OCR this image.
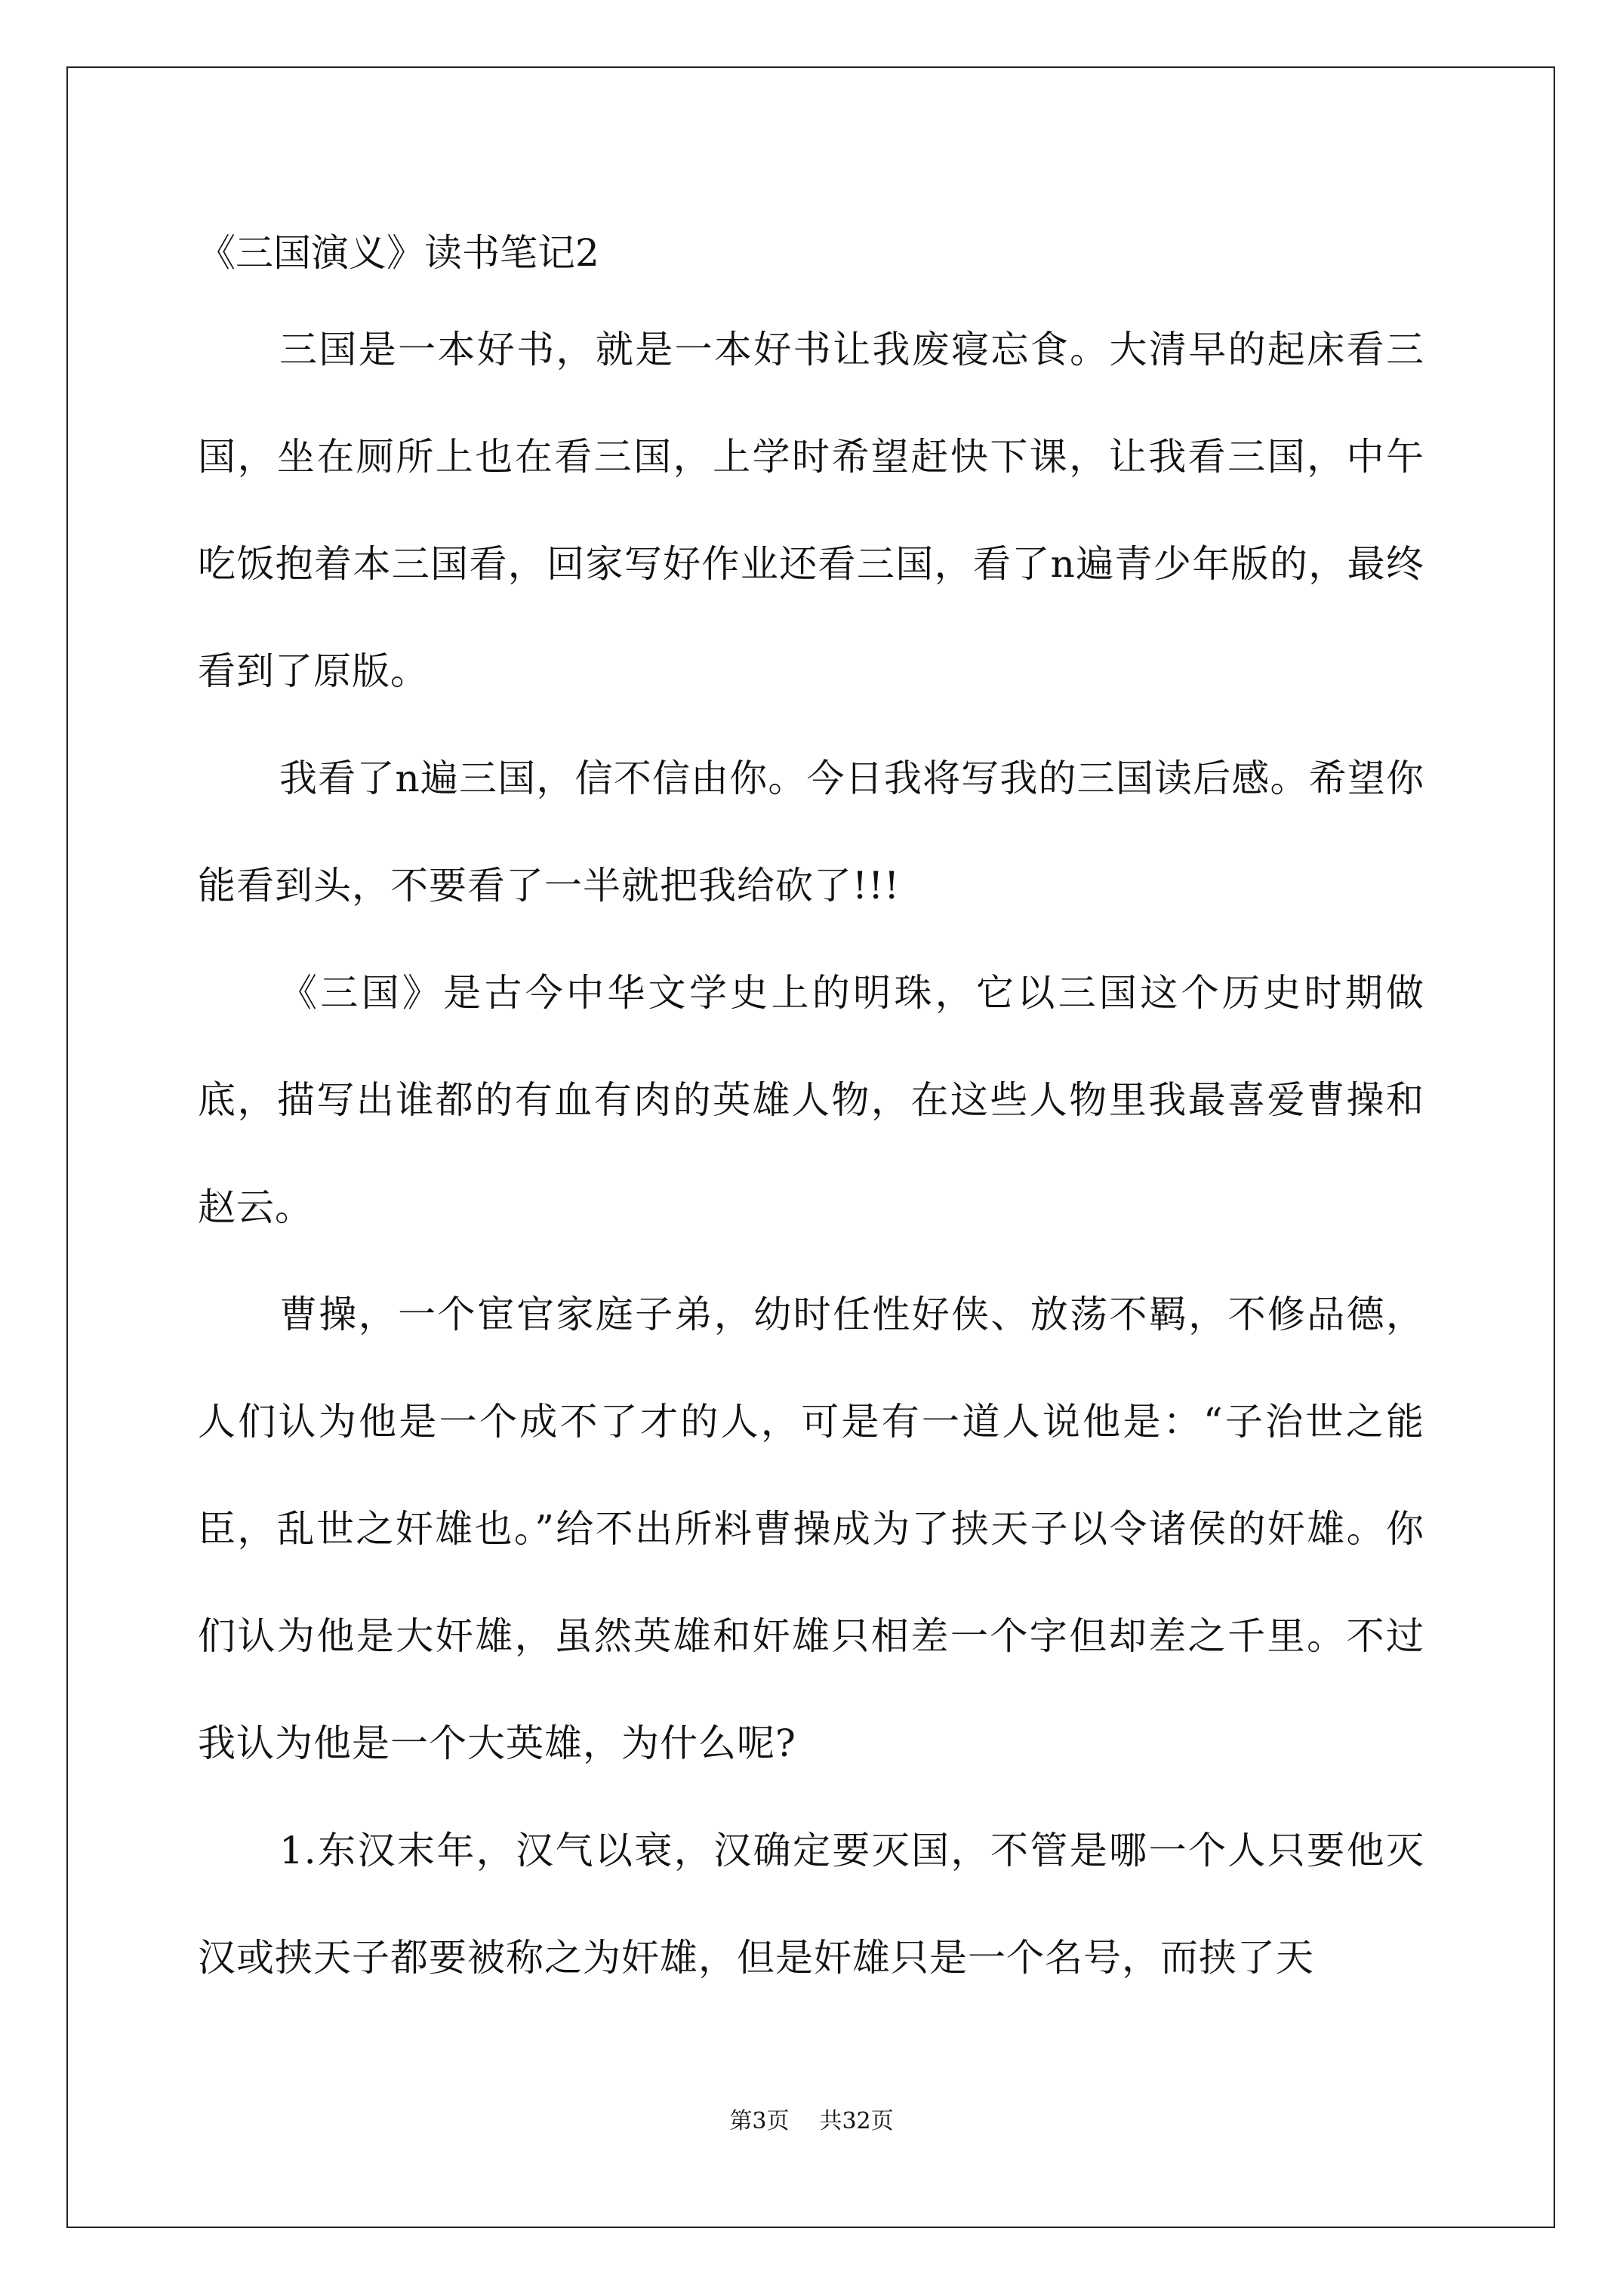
《三国演义》读书笔记2

三国是一本好书，就是一本好书让我废寝忘食。大清早的起床看三国，坐在厕所上也在看三国，上学时希望赶快下课，让我看三国，中午吃饭抱着本三国看，回家写好作业还看三国，看了n遍青少年版的，最终看到了原版。

我看了n遍三国，信不信由你。今日我将写我的三国读后感。希望你能看到头，不要看了一半就把我给砍了!!!

《三国》是古今中华文学史上的明珠，它以三国这个历史时期做底，描写出谁都的有血有肉的英雄人物，在这些人物里我最喜爱曹操和赵云。

曹操，一个宦官家庭子弟，幼时任性好侠、放荡不羁，不修品德，人们认为他是一个成不了才的人，可是有一道人说他是：“子治世之能臣，乱世之奸雄也。”给不出所料曹操成为了挟天子以令诸侯的奸雄。你们认为他是大奸雄，虽然英雄和奸雄只相差一个字但却差之千里。不过我认为他是一个大英雄，为什么呢?

1.东汉末年，汉气以衰，汉确定要灭国，不管是哪一个人只要他灭汉或挟天子都要被称之为奸雄，但是奸雄只是一个名号，而挟了天

第3页 共32页
